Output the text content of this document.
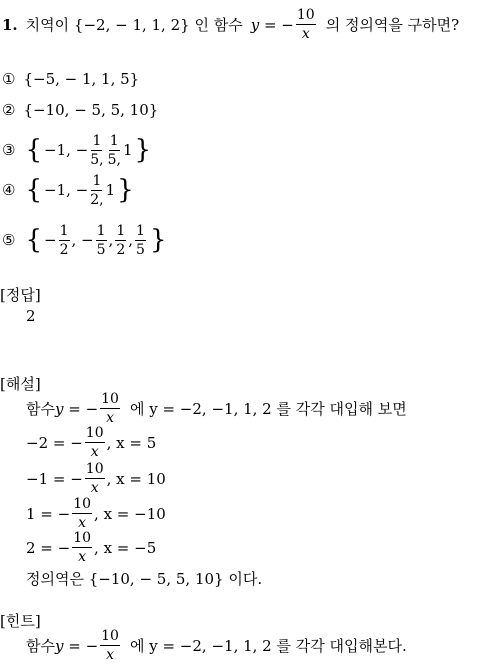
1. 치역이 {−2, − 1, 1, 2} 인 함수 y = − $\frac{10}{x}$ 의 정의역을 구하면?
① {−5, − 1, 1, 5}
② {−10, − 5, 5, 10}
③ { −1, − $\frac{1}{5,} \frac{1}{5,} 1$ }
④ { −1, − $\frac{1}{2,} 1$ }
⑤ { − $\frac{1}{2}$ , − $\frac{1}{5}$ , $\frac{1}{2}$ , $\frac{1}{5}$ }
[정답]
2
[해설]
함수 y = − $\frac{10}{x}$ 에 y = −2, −1, 1, 2 를 각각 대입해 보면
−2 = − $\frac{10}{x}$ , x = 5
−1 = − $\frac{10}{x}$ , x = 10
1 = − $\frac{10}{x}$ , x = −10
2 = − $\frac{10}{x}$ , x = −5
정의역은 {−10, − 5, 5, 10} 이다.
[힌트]
함수 y = − $\frac{10}{x}$ 에 y = −2, −1, 1, 2 를 각각 대입해본다.
